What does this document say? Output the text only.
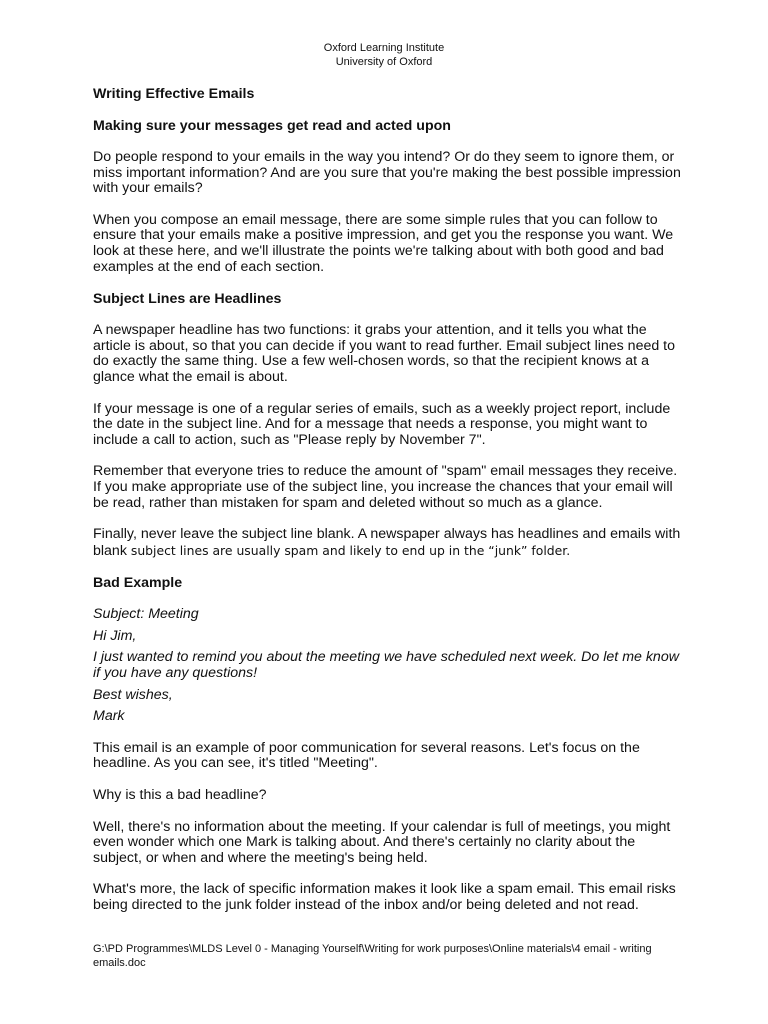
Oxford Learning Institute
University of Oxford
Writing Effective Emails
Making sure your messages get read and acted upon

Do people respond to your emails in the way you intend? Or do they seem to ignore them, or miss important information? And are you sure that you're making the best possible impression with your emails?

When you compose an email message, there are some simple rules that you can follow to ensure that your emails make a positive impression, and get you the response you want. We look at these here, and we'll illustrate the points we're talking about with both good and bad examples at the end of each section.

Subject Lines are Headlines

A newspaper headline has two functions: it grabs your attention, and it tells you what the article is about, so that you can decide if you want to read further. Email subject lines need to do exactly the same thing. Use a few well-chosen words, so that the recipient knows at a glance what the email is about.

If your message is one of a regular series of emails, such as a weekly project report, include the date in the subject line. And for a message that needs a response, you might want to include a call to action, such as "Please reply by November 7".

Remember that everyone tries to reduce the amount of "spam" email messages they receive. If you make appropriate use of the subject line, you increase the chances that your email will be read, rather than mistaken for spam and deleted without so much as a glance.

Finally, never leave the subject line blank. A newspaper always has headlines and emails with blank subject lines are usually spam and likely to end up in the “junk” folder.

Bad Example

Subject: Meeting

Hi Jim,

I just wanted to remind you about the meeting we have scheduled next week. Do let me know if you have any questions!

Best wishes,

Mark

This email is an example of poor communication for several reasons. Let's focus on the headline. As you can see, it's titled "Meeting".

Why is this a bad headline?

Well, there's no information about the meeting. If your calendar is full of meetings, you might even wonder which one Mark is talking about. And there's certainly no clarity about the subject, or when and where the meeting's being held.

What's more, the lack of specific information makes it look like a spam email. This email risks being directed to the junk folder instead of the inbox and/or being deleted and not read.

G:\PD Programmes\MLDS Level 0 - Managing Yourself\Writing for work purposes\Online materials\4 email - writing emails.doc
